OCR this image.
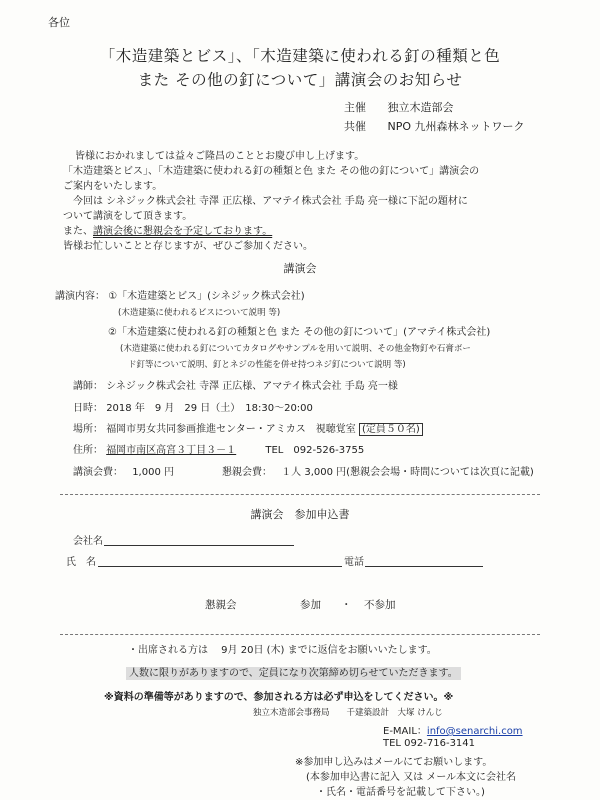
各位
「木造建築とビス」、「木造建築に使われる釘の種類と色
また その他の釘について」講演会のお知らせ
主催 独立木造部会
共催 NPO 九州森林ネットワーク
皆様におかれましては益々ご隆昌のこととお慶び申し上げます。
「木造建築とビス」、「木造建築に使われる釘の種類と色 また その他の釘について」講演会の
ご案内をいたします。
今回は シネジック株式会社 寺澤 正広様、アマテイ株式会社 手島 亮一様に下記の題材に
ついて講演をして頂きます。
また、講演会後に懇親会を予定しております。
皆様お忙しいことと存じますが、ぜひご参加ください。
講演会
講演内容： ①「木造建築とビス」(シネジック株式会社)
(木造建築に使われるビスについて説明 等)
②「木造建築に使われる釘の種類と色 また その他の釘について」(アマテイ株式会社)
(木造建築に使われる釘についてカタログやサンプルを用いて説明、その他金物釘や石膏ボー
ド釘等について説明、釘とネジの性能を併せ持つネジ釘について説明 等)
講師： シネジック株式会社 寺澤 正広様、アマテイ株式会社 手島 亮一様
日時： 2018 年　9 月　29 日（土）　18:30～20:00
場所： 福岡市男女共同参画推進センター・アミカス　視聴覚室 (定員５０名)
住所： 福岡市南区高宮３丁目３－１	TEL　092-526-3755
講演会費： 1,000 円	懇親会費： １人 3,000 円(懇親会会場・時間については次頁に記載)
講演会　参加申込書
会社名
氏　名	電話
懇親会	参加 ・ 不参加
・出席される方は　 9月 20日 (木) までに返信をお願いいたします。
人数に限りがありますので、定員になり次第締め切らせていただきます。
※資料の準備等がありますので、参加される方は必ず申込をしてください。※
独立木造部会事務局　　千建築設計　大塚 けんじ
E-MAIL：info@senarchi.com
TEL 092-716-3141
※参加申し込みはメールにてお願いします。
(本参加申込書に記入 又は メール本文に会社名
・氏名・電話番号を記載して下さい。)
